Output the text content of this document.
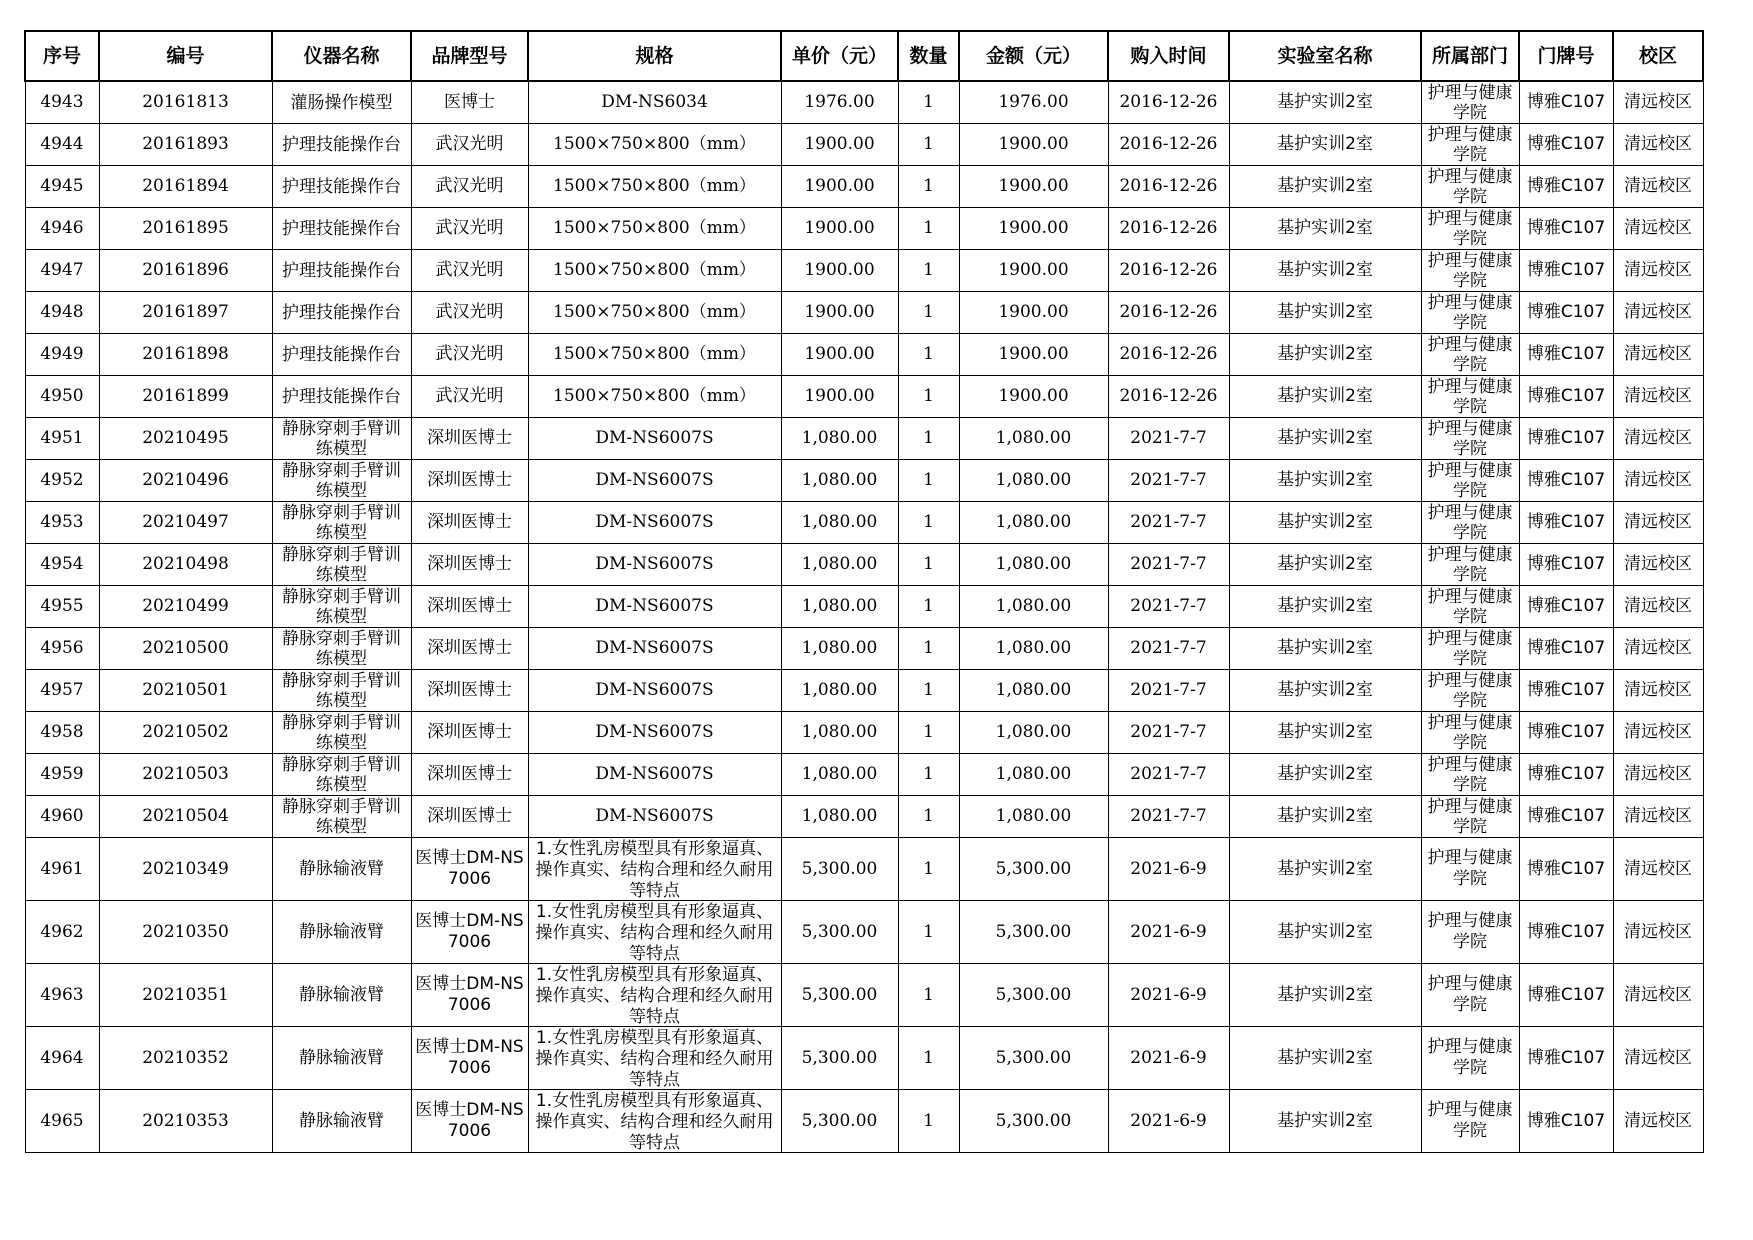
序号	编号	仪器名称	品牌型号	规格	单价（元）	数量	金额（元）	购入时间	实验室名称	所属部门	门牌号	校区
4943	20161813	灌肠操作模型	医博士	DM-NS6034	1976.00	1	1976.00	2016-12-26	基护实训2室	护理与健康学院	博雅C107	清远校区
4944	20161893	护理技能操作台	武汉光明	1500×750×800（mm）	1900.00	1	1900.00	2016-12-26	基护实训2室	护理与健康学院	博雅C107	清远校区
4945	20161894	护理技能操作台	武汉光明	1500×750×800（mm）	1900.00	1	1900.00	2016-12-26	基护实训2室	护理与健康学院	博雅C107	清远校区
4946	20161895	护理技能操作台	武汉光明	1500×750×800（mm）	1900.00	1	1900.00	2016-12-26	基护实训2室	护理与健康学院	博雅C107	清远校区
4947	20161896	护理技能操作台	武汉光明	1500×750×800（mm）	1900.00	1	1900.00	2016-12-26	基护实训2室	护理与健康学院	博雅C107	清远校区
4948	20161897	护理技能操作台	武汉光明	1500×750×800（mm）	1900.00	1	1900.00	2016-12-26	基护实训2室	护理与健康学院	博雅C107	清远校区
4949	20161898	护理技能操作台	武汉光明	1500×750×800（mm）	1900.00	1	1900.00	2016-12-26	基护实训2室	护理与健康学院	博雅C107	清远校区
4950	20161899	护理技能操作台	武汉光明	1500×750×800（mm）	1900.00	1	1900.00	2016-12-26	基护实训2室	护理与健康学院	博雅C107	清远校区
4951	20210495	静脉穿刺手臂训练模型	深圳医博士	DM-NS6007S	1,080.00	1	1,080.00	2021-7-7	基护实训2室	护理与健康学院	博雅C107	清远校区
4952	20210496	静脉穿刺手臂训练模型	深圳医博士	DM-NS6007S	1,080.00	1	1,080.00	2021-7-7	基护实训2室	护理与健康学院	博雅C107	清远校区
4953	20210497	静脉穿刺手臂训练模型	深圳医博士	DM-NS6007S	1,080.00	1	1,080.00	2021-7-7	基护实训2室	护理与健康学院	博雅C107	清远校区
4954	20210498	静脉穿刺手臂训练模型	深圳医博士	DM-NS6007S	1,080.00	1	1,080.00	2021-7-7	基护实训2室	护理与健康学院	博雅C107	清远校区
4955	20210499	静脉穿刺手臂训练模型	深圳医博士	DM-NS6007S	1,080.00	1	1,080.00	2021-7-7	基护实训2室	护理与健康学院	博雅C107	清远校区
4956	20210500	静脉穿刺手臂训练模型	深圳医博士	DM-NS6007S	1,080.00	1	1,080.00	2021-7-7	基护实训2室	护理与健康学院	博雅C107	清远校区
4957	20210501	静脉穿刺手臂训练模型	深圳医博士	DM-NS6007S	1,080.00	1	1,080.00	2021-7-7	基护实训2室	护理与健康学院	博雅C107	清远校区
4958	20210502	静脉穿刺手臂训练模型	深圳医博士	DM-NS6007S	1,080.00	1	1,080.00	2021-7-7	基护实训2室	护理与健康学院	博雅C107	清远校区
4959	20210503	静脉穿刺手臂训练模型	深圳医博士	DM-NS6007S	1,080.00	1	1,080.00	2021-7-7	基护实训2室	护理与健康学院	博雅C107	清远校区
4960	20210504	静脉穿刺手臂训练模型	深圳医博士	DM-NS6007S	1,080.00	1	1,080.00	2021-7-7	基护实训2室	护理与健康学院	博雅C107	清远校区
4961	20210349	静脉输液臂	医博士DM-NS7006	1.女性乳房模型具有形象逼真、操作真实、结构合理和经久耐用等特点	5,300.00	1	5,300.00	2021-6-9	基护实训2室	护理与健康学院	博雅C107	清远校区
4962	20210350	静脉输液臂	医博士DM-NS7006	1.女性乳房模型具有形象逼真、操作真实、结构合理和经久耐用等特点	5,300.00	1	5,300.00	2021-6-9	基护实训2室	护理与健康学院	博雅C107	清远校区
4963	20210351	静脉输液臂	医博士DM-NS7006	1.女性乳房模型具有形象逼真、操作真实、结构合理和经久耐用等特点	5,300.00	1	5,300.00	2021-6-9	基护实训2室	护理与健康学院	博雅C107	清远校区
4964	20210352	静脉输液臂	医博士DM-NS7006	1.女性乳房模型具有形象逼真、操作真实、结构合理和经久耐用等特点	5,300.00	1	5,300.00	2021-6-9	基护实训2室	护理与健康学院	博雅C107	清远校区
4965	20210353	静脉输液臂	医博士DM-NS7006	1.女性乳房模型具有形象逼真、操作真实、结构合理和经久耐用等特点	5,300.00	1	5,300.00	2021-6-9	基护实训2室	护理与健康学院	博雅C107	清远校区
